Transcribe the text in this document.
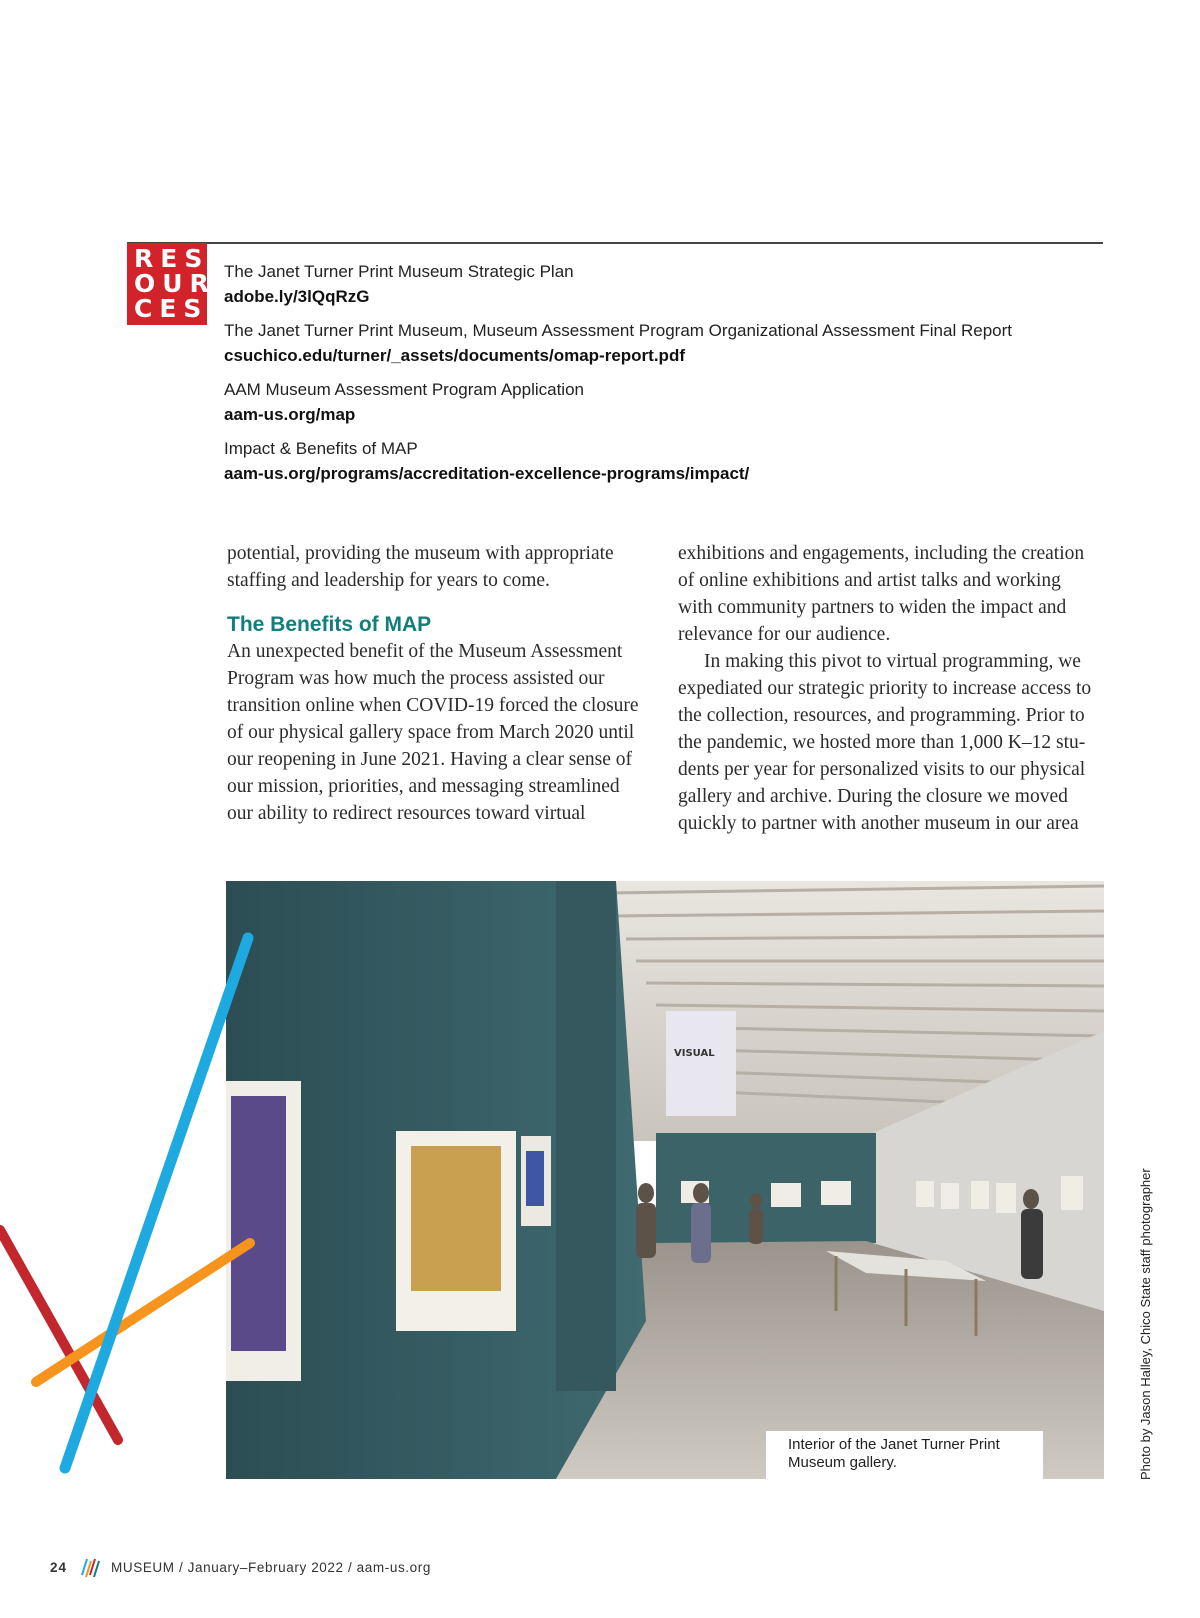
RES
OUR
CES
The Janet Turner Print Museum Strategic Plan
adobe.ly/3lQqRzG
The Janet Turner Print Museum, Museum Assessment Program Organizational Assessment Final Report
csuchico.edu/turner/_assets/documents/omap-report.pdf
AAM Museum Assessment Program Application
aam-us.org/map
Impact & Benefits of MAP
aam-us.org/programs/accreditation-excellence-programs/impact/

potential, providing the museum with appropriate staffing and leadership for years to come.

The Benefits of MAP

An unexpected benefit of the Museum Assessment Program was how much the process assisted our transition online when COVID-19 forced the closure of our physical gallery space from March 2020 until our reopening in June 2021. Having a clear sense of our mission, priorities, and messaging streamlined our ability to redirect resources toward virtual

exhibitions and engagements, including the creation of online exhibitions and artist talks and working with community partners to widen the impact and relevance for our audience.

In making this pivot to virtual programming, we expediated our strategic priority to increase access to the collection, resources, and programming. Prior to the pandemic, we hosted more than 1,000 K–12 students per year for personalized visits to our physical gallery and archive. During the closure we moved quickly to partner with another museum in our area

VISUAL
Interior of the Janet Turner Print Museum gallery.	Photo by Jason Halley, Chico State staff photographer
24	MUSEUM / January–February 2022 / aam-us.org
